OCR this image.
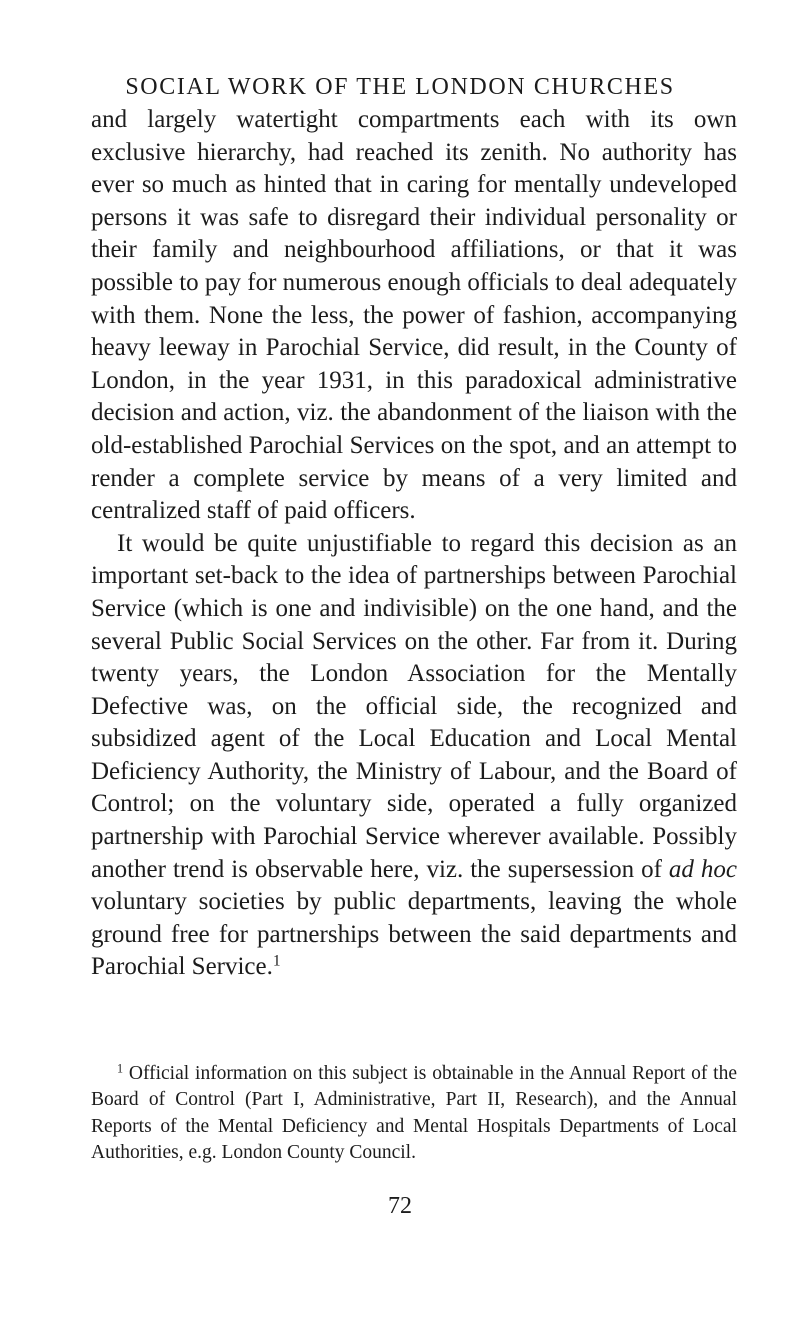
SOCIAL WORK OF THE LONDON CHURCHES

and largely watertight compartments each with its own exclusive hierarchy, had reached its zenith. No authority has ever so much as hinted that in caring for mentally undeveloped persons it was safe to disregard their individual personality or their family and neighbourhood affiliations, or that it was possible to pay for numerous enough officials to deal adequately with them. None the less, the power of fashion, accompanying heavy leeway in Parochial Service, did result, in the County of London, in the year 1931, in this paradoxical administrative decision and action, viz. the abandonment of the liaison with the old-established Parochial Services on the spot, and an attempt to render a complete service by means of a very limited and centralized staff of paid officers.

It would be quite unjustifiable to regard this decision as an important set-back to the idea of partnerships between Parochial Service (which is one and indivisible) on the one hand, and the several Public Social Services on the other. Far from it. During twenty years, the London Association for the Mentally Defective was, on the official side, the recognized and subsidized agent of the Local Education and Local Mental Deficiency Authority, the Ministry of Labour, and the Board of Control; on the voluntary side, operated a fully organized partnership with Parochial Service wherever available. Possibly another trend is observable here, viz. the supersession of ad hoc voluntary societies by public departments, leaving the whole ground free for partnerships between the said departments and Parochial Service.$^1$

$^1$ Official information on this subject is obtainable in the Annual Report of the Board of Control (Part I, Administrative, Part II, Research), and the Annual Reports of the Mental Deficiency and Mental Hospitals Departments of Local Authorities, e.g. London County Council.

72
